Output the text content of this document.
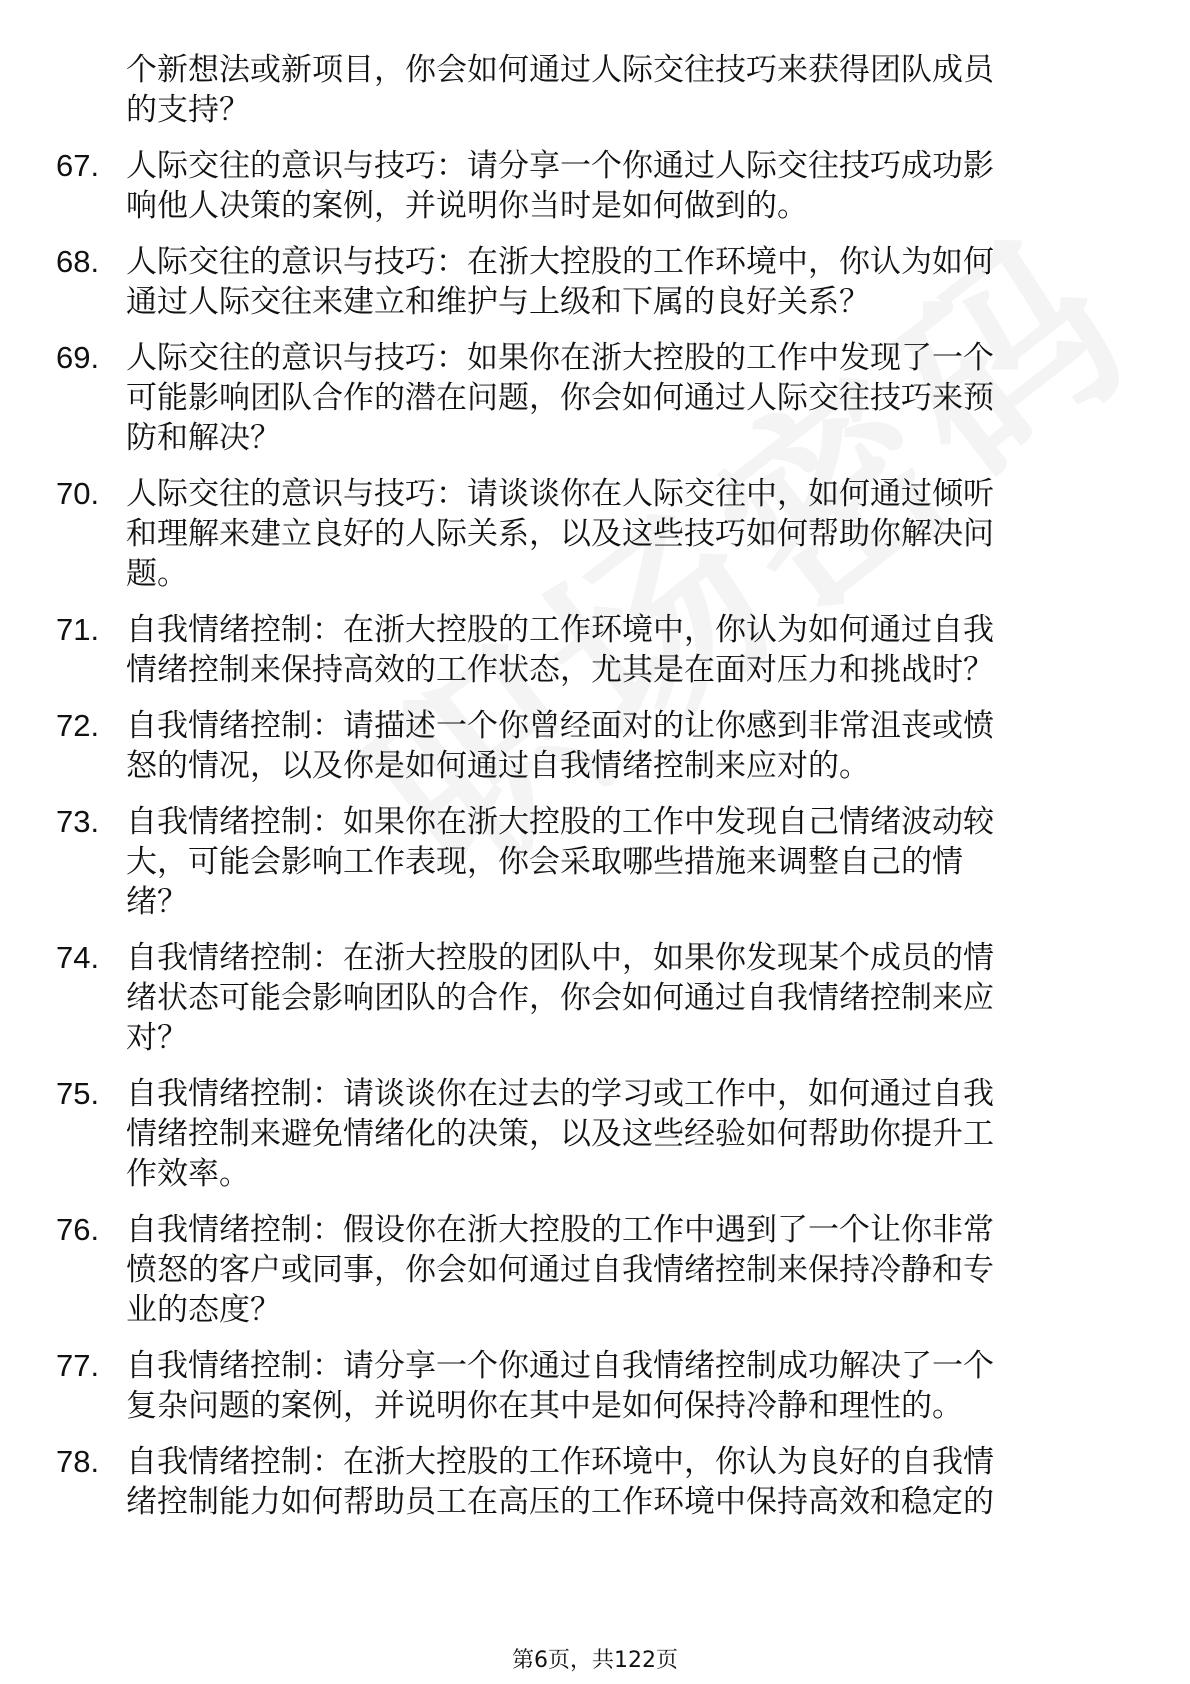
个新想法或新项目，你会如何通过人际交往技巧来获得团队成员
的支持？
67. 人际交往的意识与技巧：请分享一个你通过人际交往技巧成功影
响他人决策的案例，并说明你当时是如何做到的。
68. 人际交往的意识与技巧：在浙大控股的工作环境中，你认为如何
通过人际交往来建立和维护与上级和下属的良好关系？
69. 人际交往的意识与技巧：如果你在浙大控股的工作中发现了一个
可能影响团队合作的潜在问题，你会如何通过人际交往技巧来预
防和解决？
70. 人际交往的意识与技巧：请谈谈你在人际交往中，如何通过倾听
和理解来建立良好的人际关系，以及这些技巧如何帮助你解决问
题。
71. 自我情绪控制：在浙大控股的工作环境中，你认为如何通过自我
情绪控制来保持高效的工作状态，尤其是在面对压力和挑战时？
72. 自我情绪控制：请描述一个你曾经面对的让你感到非常沮丧或愤
怒的情况，以及你是如何通过自我情绪控制来应对的。
73. 自我情绪控制：如果你在浙大控股的工作中发现自己情绪波动较
大，可能会影响工作表现，你会采取哪些措施来调整自己的情
绪？
74. 自我情绪控制：在浙大控股的团队中，如果你发现某个成员的情
绪状态可能会影响团队的合作，你会如何通过自我情绪控制来应
对？
75. 自我情绪控制：请谈谈你在过去的学习或工作中，如何通过自我
情绪控制来避免情绪化的决策，以及这些经验如何帮助你提升工
作效率。
76. 自我情绪控制：假设你在浙大控股的工作中遇到了一个让你非常
愤怒的客户或同事，你会如何通过自我情绪控制来保持冷静和专
业的态度？
77. 自我情绪控制：请分享一个你通过自我情绪控制成功解决了一个
复杂问题的案例，并说明你在其中是如何保持冷静和理性的。
78. 自我情绪控制：在浙大控股的工作环境中，你认为良好的自我情
绪控制能力如何帮助员工在高压的工作环境中保持高效和稳定的
第6页，共122页
